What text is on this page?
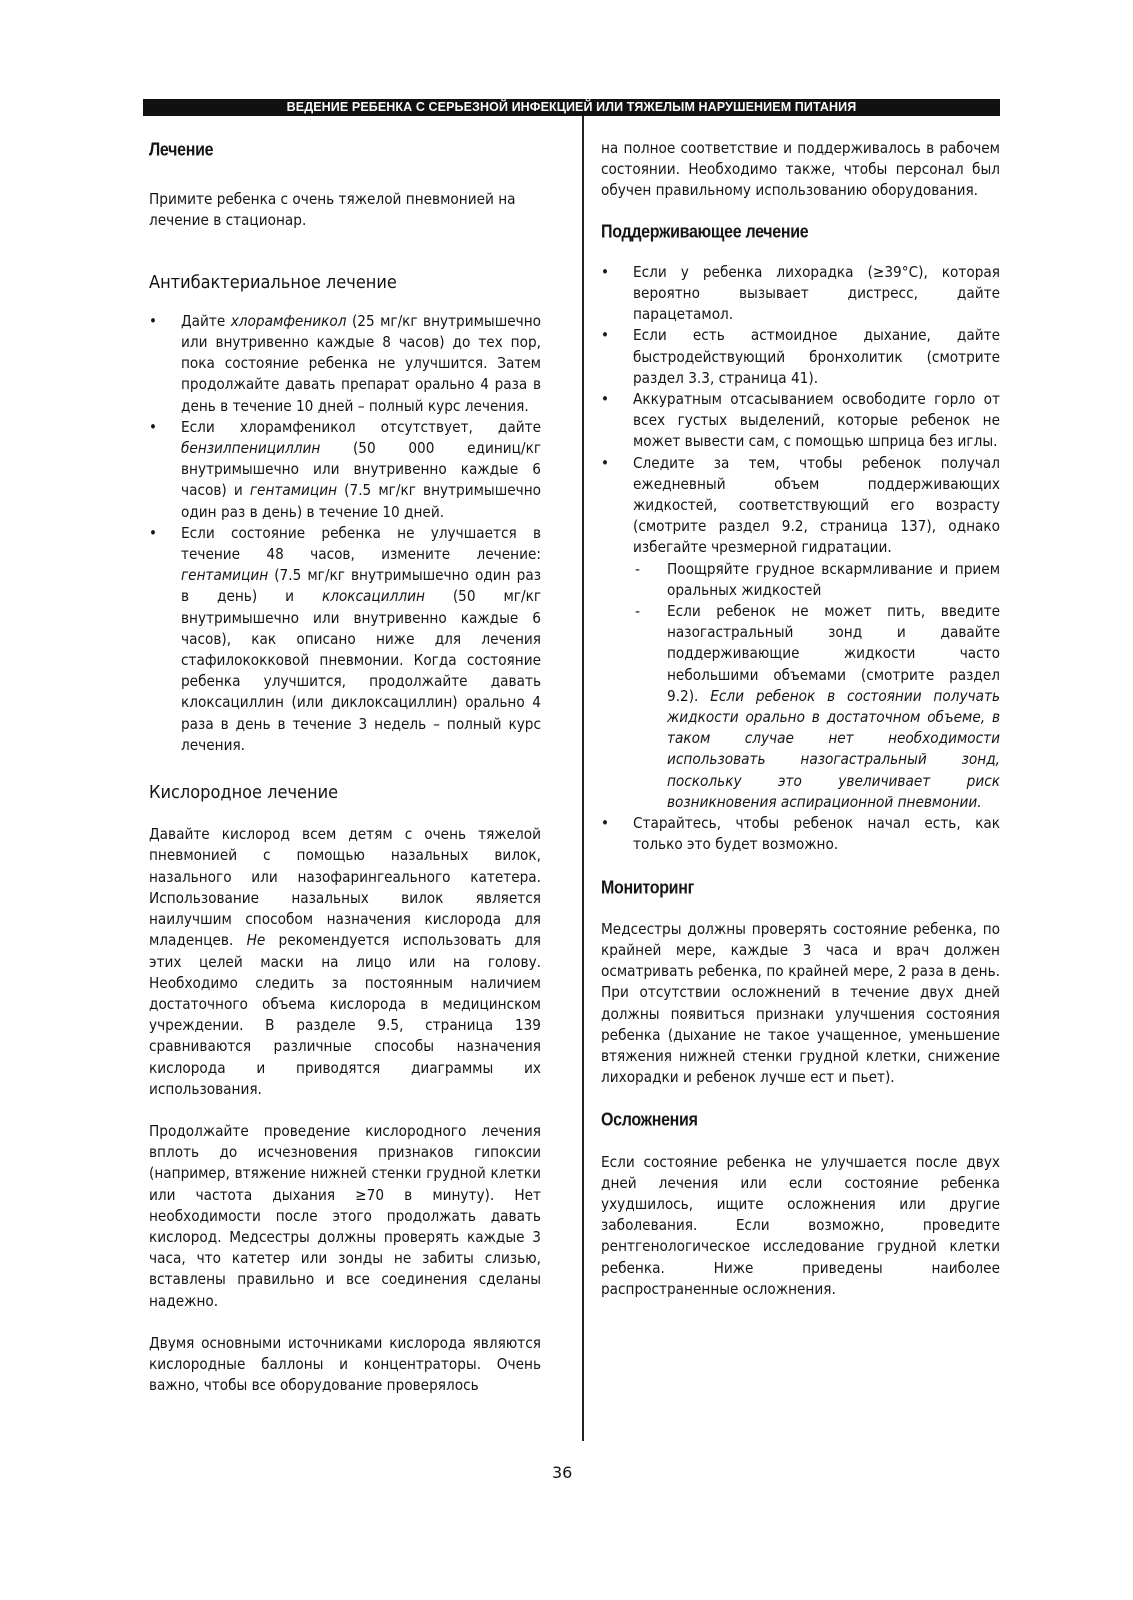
ВЕДЕНИЕ РЕБЕНКА С СЕРЬЕЗНОЙ ИНФЕКЦИЕЙ ИЛИ ТЯЖЕЛЫМ НАРУШЕНИЕМ ПИТАНИЯ
Лечение

Примите ребенка с очень тяжелой пневмонией на лечение в стационар.

Антибактериальное лечение
• Дайте хлорамфеникол (25 мг/кг внутримышечно или внутривенно каждые 8 часов) до тех пор, пока состояние ребенка не улучшится. Затем продолжайте давать препарат орально 4 раза в день в течение 10 дней – полный курс лечения.
• Если хлорамфеникол отсутствует, дайте бензилпенициллин (50 000 единиц/кг внутримышечно или внутривенно каждые 6 часов) и гентамицин (7.5 мг/кг внутримышечно один раз в день) в течение 10 дней.
• Если состояние ребенка не улучшается в течение 48 часов, измените лечение: гентамицин (7.5 мг/кг внутримышечно один раз в день) и клоксациллин (50 мг/кг внутримышечно или внутривенно каждые 6 часов), как описано ниже для лечения стафилококковой пневмонии. Когда состояние ребенка улучшится, продолжайте давать клоксациллин (или диклоксациллин) орально 4 раза в день в течение 3 недель – полный курс лечения.
Кислородное лечение

Давайте кислород всем детям с очень тяжелой пневмонией с помощью назальных вилок, назального или назофарингеального катетера. Использование назальных вилок является наилучшим способом назначения кислорода для младенцев. Не рекомендуется использовать для этих целей маски на лицо или на голову. Необходимо следить за постоянным наличием достаточного объема кислорода в медицинском учреждении. В разделе 9.5, страница 139 сравниваются различные способы назначения кислорода и приводятся диаграммы их использования.

Продолжайте проведение кислородного лечения вплоть до исчезновения признаков гипоксии (например, втяжение нижней стенки грудной клетки или частота дыхания ≥70 в минуту). Нет необходимости после этого продолжать давать кислород. Медсестры должны проверять каждые 3 часа, что катетер или зонды не забиты слизью, вставлены правильно и все соединения сделаны надежно.

Двумя основными источниками кислорода являются кислородные баллоны и концентраторы. Очень важно, чтобы все оборудование проверялось

на полное соответствие и поддерживалось в рабочем состоянии. Необходимо также, чтобы персонал был обучен правильному использованию оборудования.

Поддерживающее лечение
• Если у ребенка лихорадка (≥39°C), которая вероятно вызывает дистресс, дайте парацетамол.
• Если есть астмоидное дыхание, дайте быстродействующий бронхолитик (смотрите раздел 3.3, страница 41).
• Аккуратным отсасыванием освободите горло от всех густых выделений, которые ребенок не может вывести сам, с помощью шприца без иглы.
• Следите за тем, чтобы ребенок получал ежедневный объем поддерживающих жидкостей, соответствующий его возрасту (смотрите раздел 9.2, страница 137), однако избегайте чрезмерной гидратации.
- Поощряйте грудное вскармливание и прием оральных жидкостей
- Если ребенок не может пить, введите назогастральный зонд и давайте поддерживающие жидкости часто небольшими объемами (смотрите раздел 9.2). Если ребенок в состоянии получать жидкости орально в достаточном объеме, в таком случае нет необходимости использовать назогастральный зонд, поскольку это увеличивает риск возникновения аспирационной пневмонии.
• Старайтесь, чтобы ребенок начал есть, как только это будет возможно.
Мониторинг

Медсестры должны проверять состояние ребенка, по крайней мере, каждые 3 часа и врач должен осматривать ребенка, по крайней мере, 2 раза в день. При отсутствии осложнений в течение двух дней должны появиться признаки улучшения состояния ребенка (дыхание не такое учащенное, уменьшение втяжения нижней стенки грудной клетки, снижение лихорадки и ребенок лучше ест и пьет).

Осложнения

Если состояние ребенка не улучшается после двух дней лечения или если состояние ребенка ухудшилось, ищите осложнения или другие заболевания. Если возможно, проведите рентгенологическое исследование грудной клетки ребенка. Ниже приведены наиболее распространенные осложнения.

36
